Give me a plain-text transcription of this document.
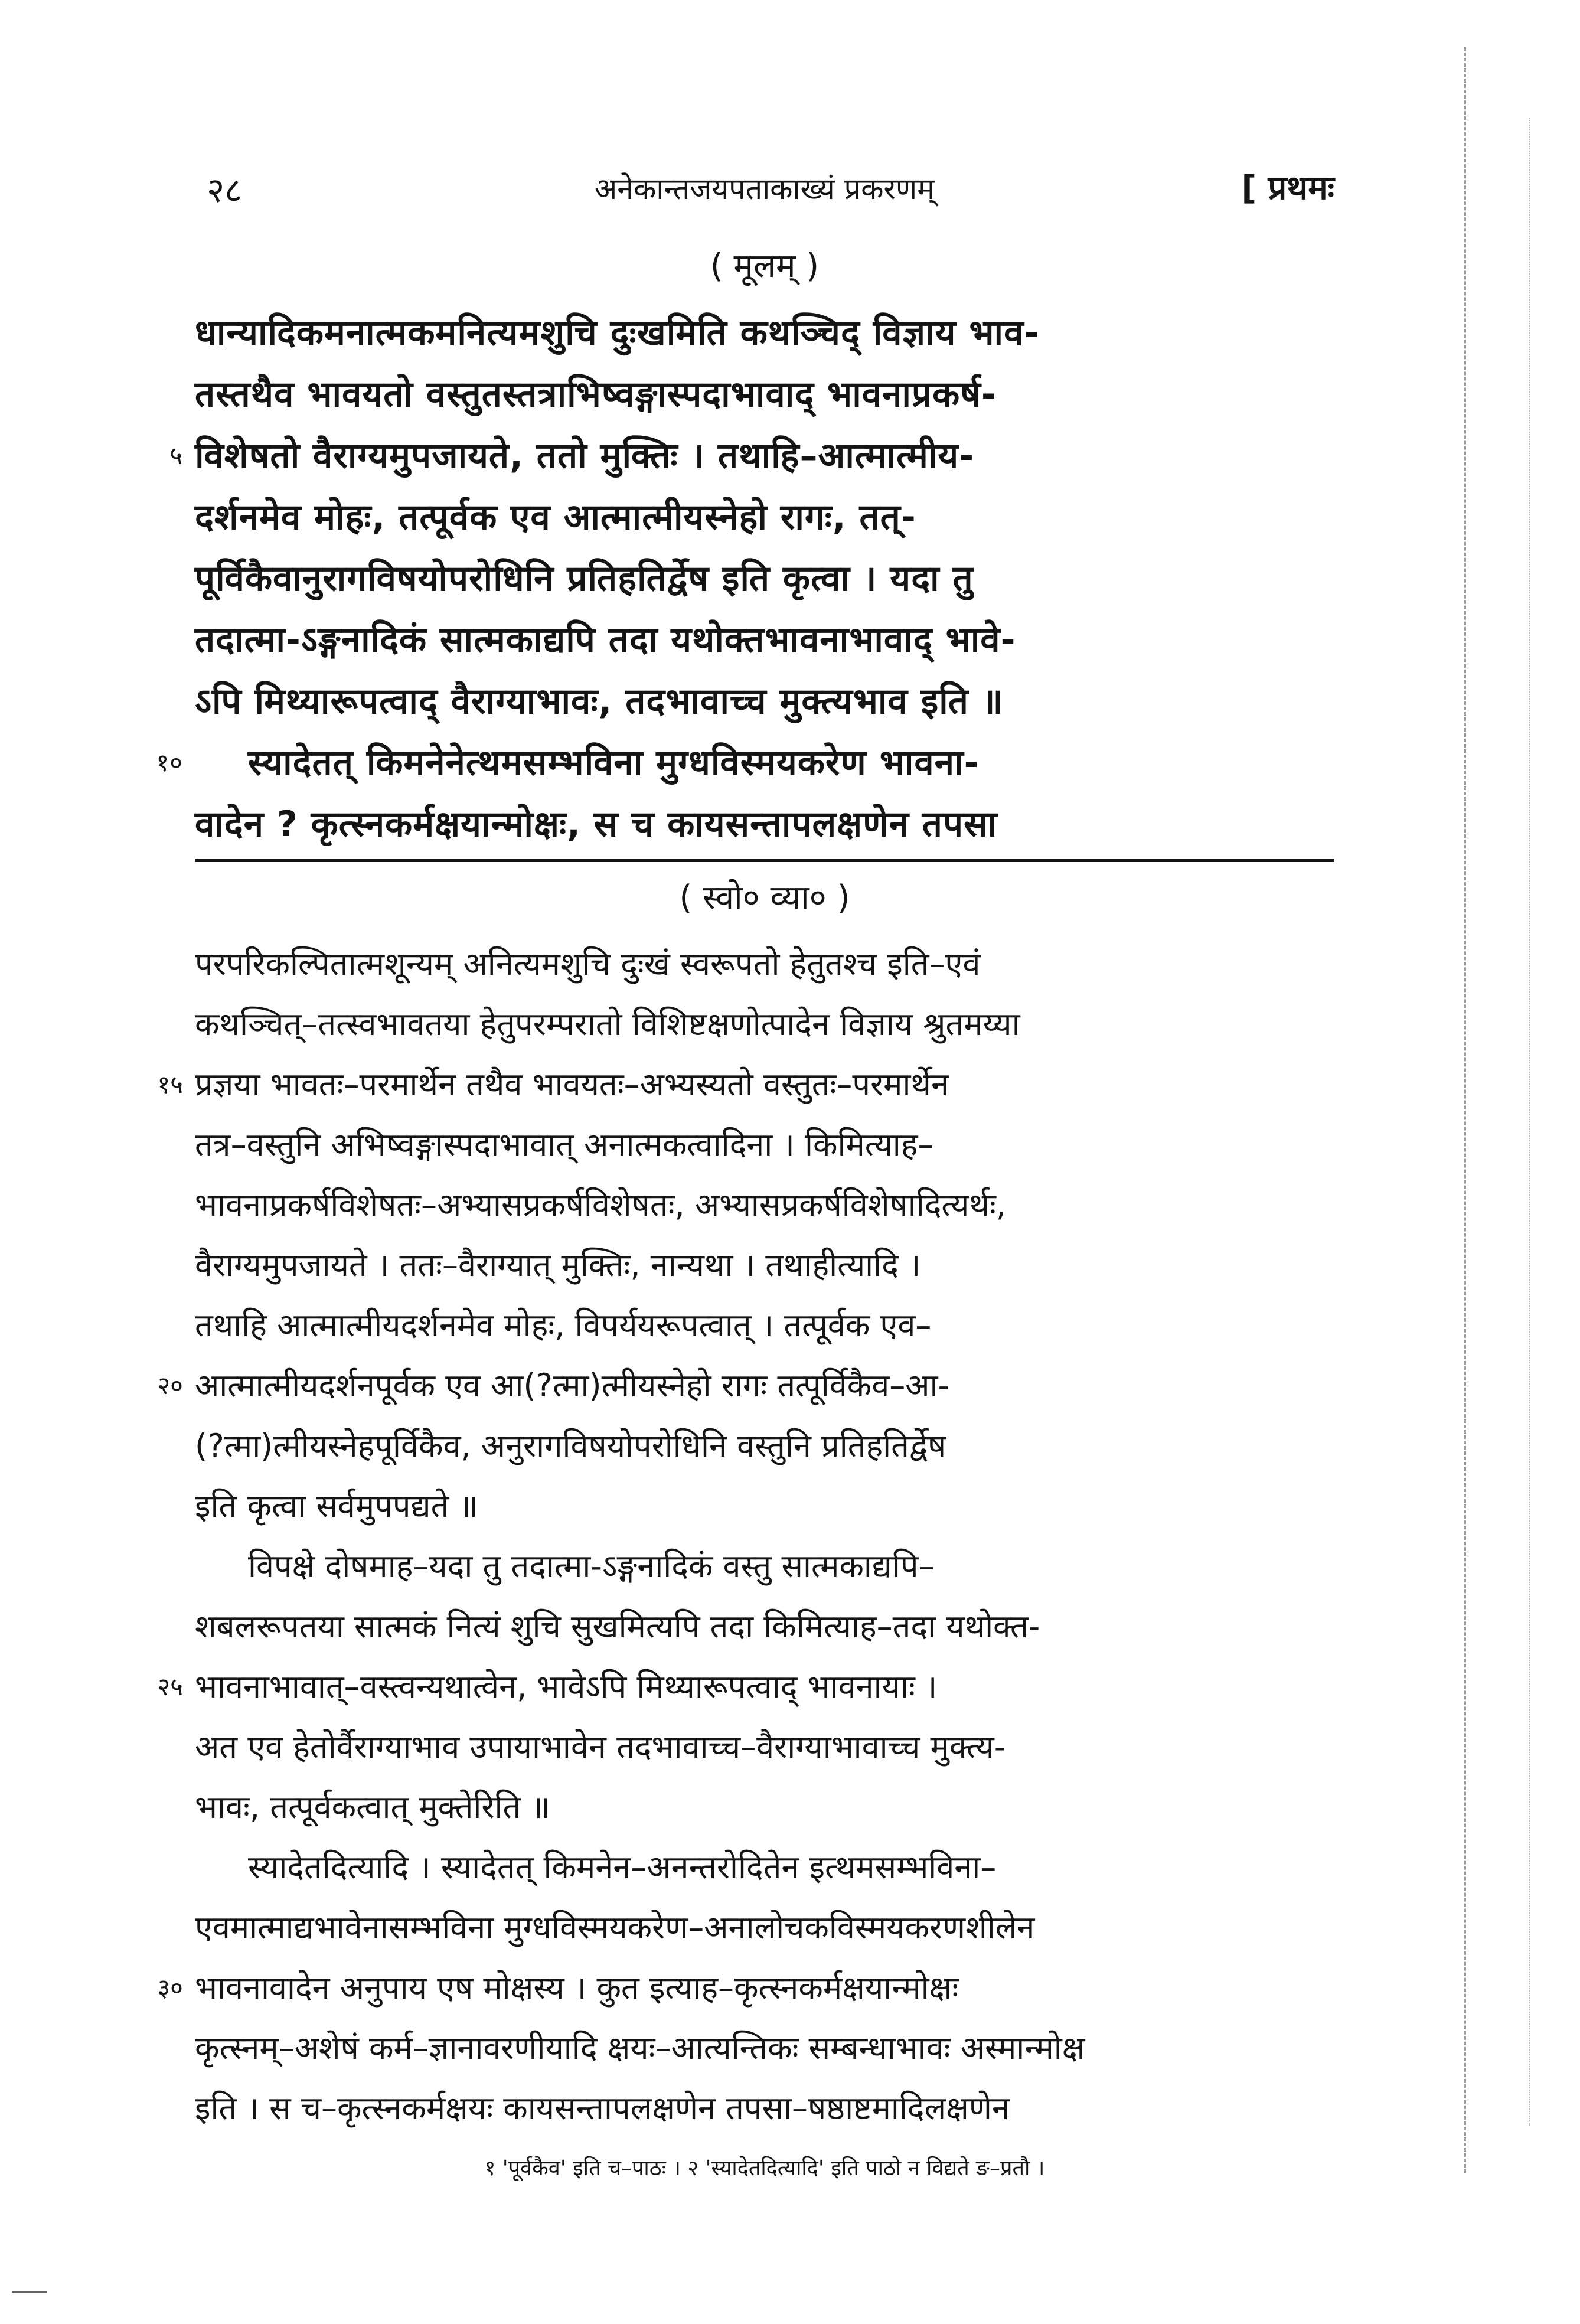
२८	अनेकान्तजयपताकाख्यं प्रकरणम्	[ प्रथमः
( मूलम् )
धान्यादिकमनात्मकमनित्यमशुचि दुःखमिति कथञ्चिद् विज्ञाय भाव-
तस्तथैव भावयतो वस्तुतस्तत्राभिष्वङ्गास्पदाभावाद् भावनाप्रकर्ष-
५ विशेषतो वैराग्यमुपजायते, ततो मुक्तिः । तथाहि–आत्मात्मीय-
दर्शनमेव मोहः, तत्पूर्वक एव आत्मात्मीयस्नेहो रागः, तत्-
पूर्विकैवानुरागविषयोपरोधिनि प्रतिहतिर्द्वेष इति कृत्वा । यदा तु
तदात्मा-ऽङ्गनादिकं सात्मकाद्यपि तदा यथोक्तभावनाभावाद् भावे-
ऽपि मिथ्यारूपत्वाद् वैराग्याभावः, तदभावाच्च मुक्त्यभाव इति ॥
१० स्यादेतत् किमनेनेत्थमसम्भविना मुग्धविस्मयकरेण भावना-
वादेन ? कृत्स्नकर्मक्षयान्मोक्षः, स च कायसन्तापलक्षणेन तपसा
( स्वो० व्या० )
परपरिकल्पितात्मशून्यम् अनित्यमशुचि दुःखं स्वरूपतो हेतुतश्च इति–एवं
कथञ्चित्–तत्स्वभावतया हेतुपरम्परातो विशिष्टक्षणोत्पादेन विज्ञाय श्रुतमय्या
१५ प्रज्ञया भावतः–परमार्थेन तथैव भावयतः–अभ्यस्यतो वस्तुतः–परमार्थेन
तत्र–वस्तुनि अभिष्वङ्गास्पदाभावात् अनात्मकत्वादिना । किमित्याह–
भावनाप्रकर्षविशेषतः–अभ्यासप्रकर्षविशेषतः, अभ्यासप्रकर्षविशेषादित्यर्थः,
वैराग्यमुपजायते । ततः–वैराग्यात् मुक्तिः, नान्यथा । तथाहीत्यादि ।
तथाहि आत्मात्मीयदर्शनमेव मोहः, विपर्ययरूपत्वात् । तत्पूर्वक एव–
२० आत्मात्मीयदर्शनपूर्वक एव आ(?त्मा)त्मीयस्नेहो रागः तत्पूर्विकैव–आ-
(?त्मा)त्मीयस्नेहपूर्विकैव, अनुरागविषयोपरोधिनि वस्तुनि प्रतिहतिर्द्वेष
इति कृत्वा सर्वमुपपद्यते ॥
विपक्षे दोषमाह–यदा तु तदात्मा-ऽङ्गनादिकं वस्तु सात्मकाद्यपि–
शबलरूपतया सात्मकं नित्यं शुचि सुखमित्यपि तदा किमित्याह–तदा यथोक्त-
२५ भावनाभावात्–वस्त्वन्यथात्वेन, भावेऽपि मिथ्यारूपत्वाद् भावनायाः ।
अत एव हेतोर्वैराग्याभाव उपायाभावेन तदभावाच्च–वैराग्याभावाच्च मुक्त्य-
भावः, तत्पूर्वकत्वात् मुक्तेरिति ॥
स्यादेतदित्यादि । स्यादेतत् किमनेन–अनन्तरोदितेन इत्थमसम्भविना–
एवमात्माद्यभावेनासम्भविना मुग्धविस्मयकरेण–अनालोचकविस्मयकरणशीलेन
३० भावनावादेन अनुपाय एष मोक्षस्य । कुत इत्याह–कृत्स्नकर्मक्षयान्मोक्षः
कृत्स्नम्–अशेषं कर्म–ज्ञानावरणीयादि क्षयः–आत्यन्तिकः सम्बन्धाभावः अस्मान्मोक्ष
इति । स च–कृत्स्नकर्मक्षयः कायसन्तापलक्षणेन तपसा–षष्ठाष्टमादिलक्षणेन
१ 'पूर्वकैव' इति च–पाठः । २ 'स्यादेतदित्यादि' इति पाठो न विद्यते ङ–प्रतौ ।
